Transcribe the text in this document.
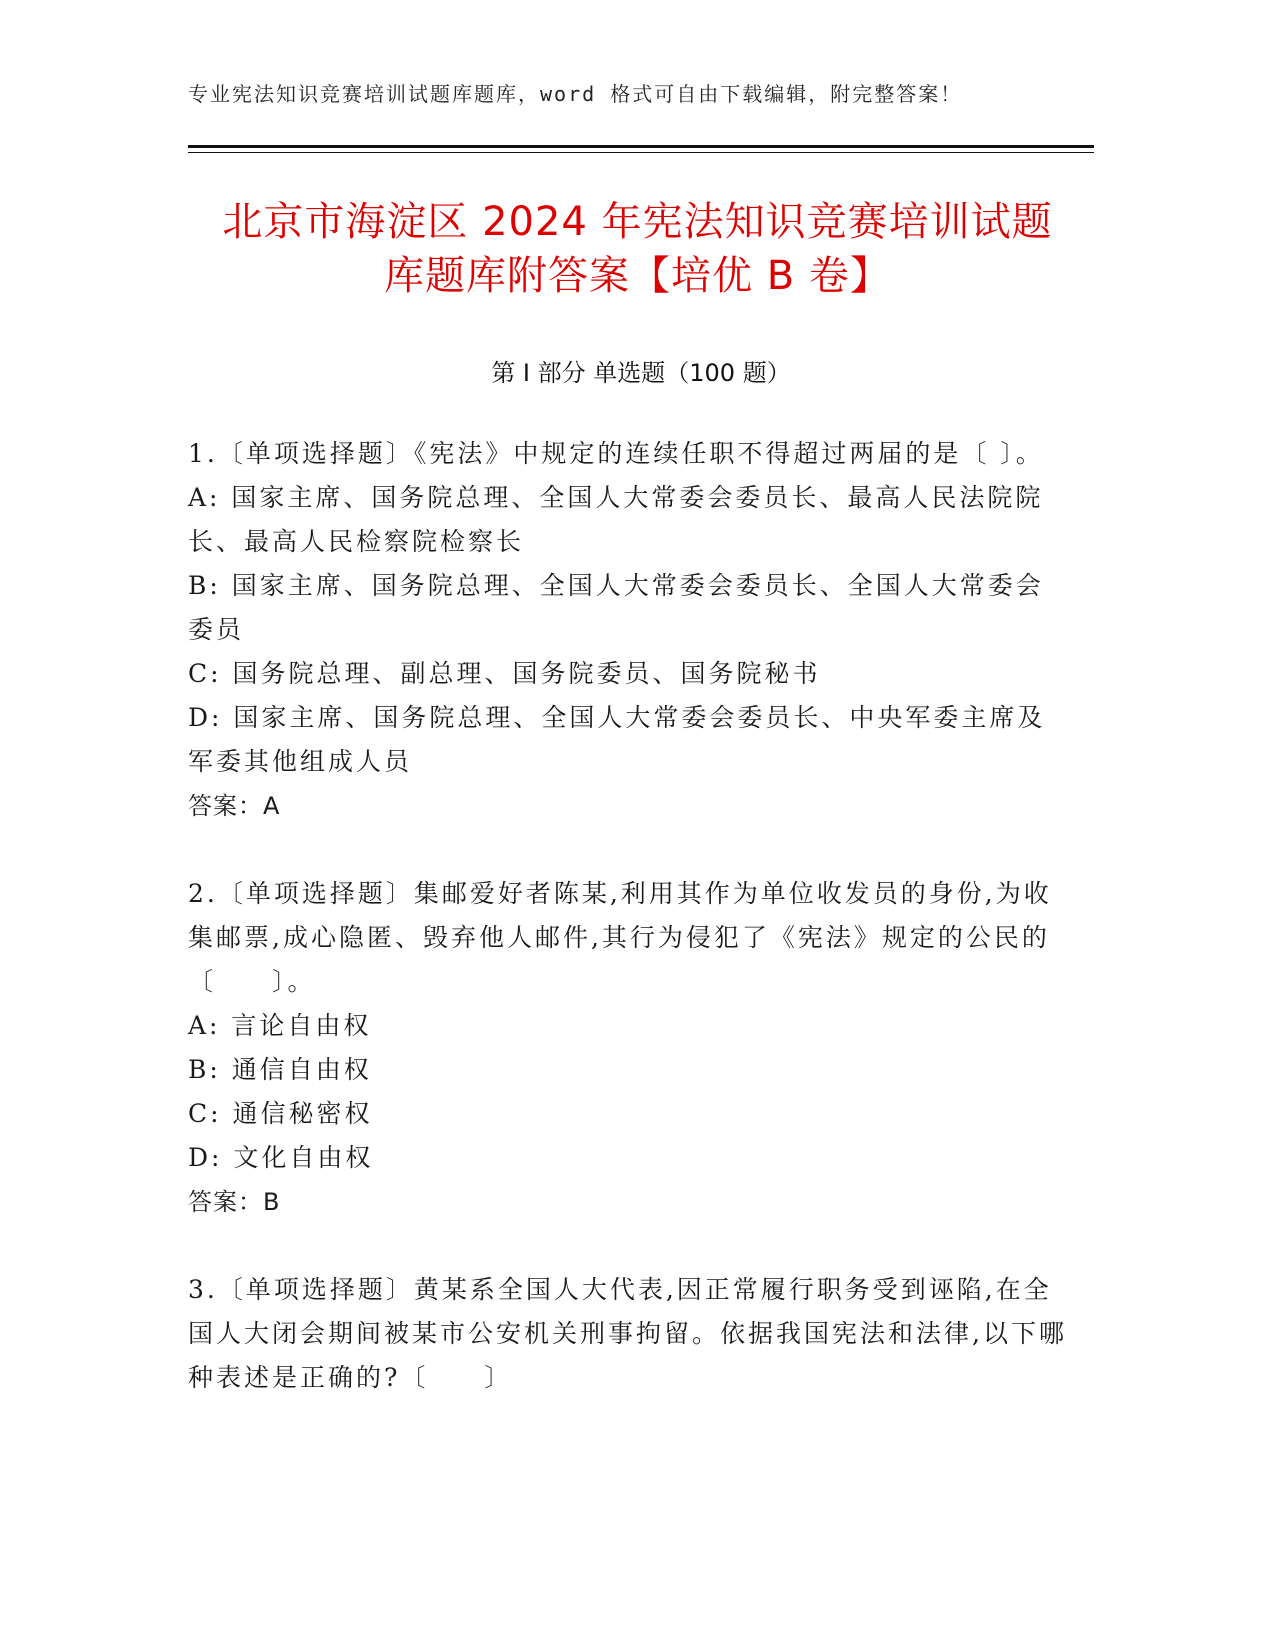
专业宪法知识竞赛培训试题库题库，word 格式可自由下载编辑，附完整答案！
北京市海淀区 2024 年宪法知识竞赛培训试题
库题库附答案【培优 B 卷】
第 I 部分 单选题（100 题）

1.〔单项选择题〕《宪法》中规定的连续任职不得超过两届的是〔 〕。

A: 国家主席、国务院总理、全国人大常委会委员长、最高人民法院院长、最高人民检察院检察长

B: 国家主席、国务院总理、全国人大常委会委员长、全国人大常委会委员

C: 国务院总理、副总理、国务院委员、国务院秘书

D: 国家主席、国务院总理、全国人大常委会委员长、中央军委主席及军委其他组成人员

答案：A

2.〔单项选择题〕集邮爱好者陈某,利用其作为单位收发员的身份,为收集邮票,成心隐匿、毁弃他人邮件,其行为侵犯了《宪法》规定的公民的〔　　〕。

A: 言论自由权

B: 通信自由权

C: 通信秘密权

D: 文化自由权

答案：B

3.〔单项选择题〕黄某系全国人大代表,因正常履行职务受到诬陷,在全国人大闭会期间被某市公安机关刑事拘留。依据我国宪法和法律,以下哪种表述是正确的?〔　　〕
